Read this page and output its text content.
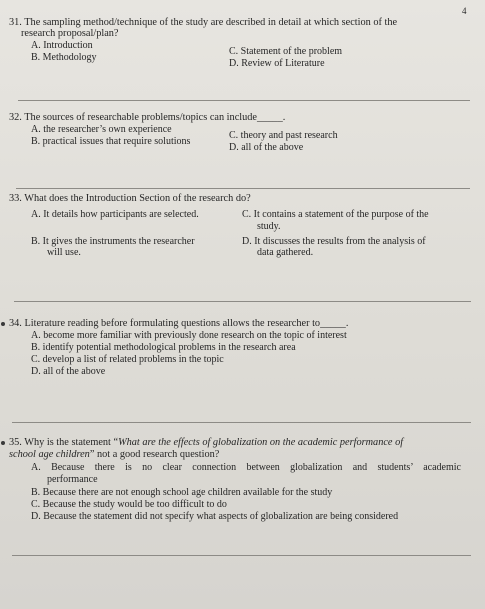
4
31. The sampling method/technique of the study are described in detail at which section of the
research proposal/plan?
A. Introduction
B. Methodology
C. Statement of the problem
D. Review of Literature
32. The sources of researchable problems/topics can include_____.
A. the researcher’s own experience
B. practical issues that require solutions
C. theory and past research
D. all of the above
33. What does the Introduction Section of the research do?
A. It details how participants are selected.
B. It gives the instruments the researcher
will use.
C. It contains a statement of the purpose of the
study.
D. It discusses the results from the analysis of
data gathered.
34. Literature reading before formulating questions allows the researcher to_____.
A. become more familiar with previously done research on the topic of interest
B. identify potential methodological problems in the research area
C. develop a list of related problems in the topic
D. all of the above
35. Why is the statement “What are the effects of globalization on the academic performance of
school age children” not a good research question?
A. Because there is no clear connection between globalization and students’ academic
performance
B. Because there are not enough school age children available for the study
C. Because the study would be too difficult to do
D. Because the statement did not specify what aspects of globalization are being considered
